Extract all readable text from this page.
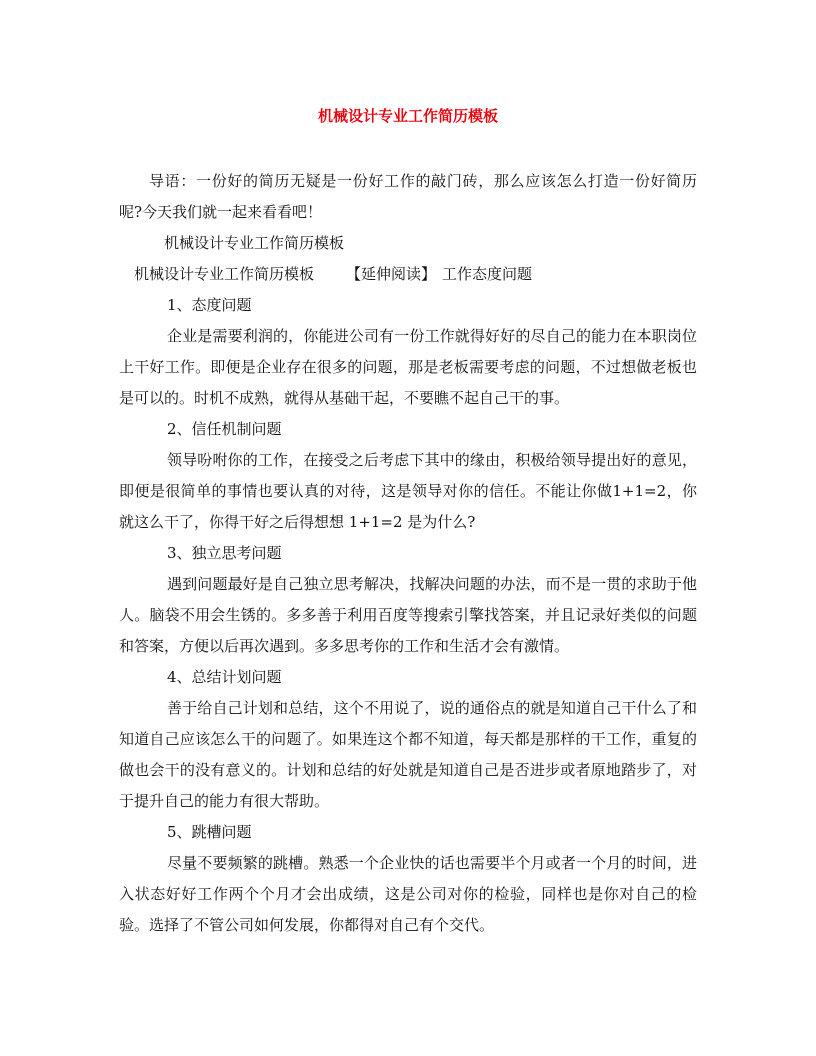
机械设计专业工作简历模板

导语：一份好的简历无疑是一份好工作的敲门砖，那么应该怎么打造一份好简历呢?今天我们就一起来看看吧！

机械设计专业工作简历模板

机械设计专业工作简历模板 【延伸阅读】 工作态度问题

1、态度问题

企业是需要利润的，你能进公司有一份工作就得好好的尽自己的能力在本职岗位上干好工作。即便是企业存在很多的问题，那是老板需要考虑的问题，不过想做老板也是可以的。时机不成熟，就得从基础干起，不要瞧不起自己干的事。

2、信任机制问题

领导吩咐你的工作，在接受之后考虑下其中的缘由，积极给领导提出好的意见，即便是很简单的事情也要认真的对待，这是领导对你的信任。不能让你做1+1=2，你就这么干了，你得干好之后得想想 1+1=2 是为什么?

3、独立思考问题

遇到问题最好是自己独立思考解决，找解决问题的办法，而不是一贯的求助于他人。脑袋不用会生锈的。多多善于利用百度等搜索引擎找答案，并且记录好类似的问题和答案，方便以后再次遇到。多多思考你的工作和生活才会有激情。

4、总结计划问题

善于给自己计划和总结，这个不用说了，说的通俗点的就是知道自己干什么了和知道自己应该怎么干的问题了。如果连这个都不知道，每天都是那样的干工作，重复的做也会干的没有意义的。计划和总结的好处就是知道自己是否进步或者原地踏步了，对于提升自己的能力有很大帮助。

5、跳槽问题

尽量不要频繁的跳槽。熟悉一个企业快的话也需要半个月或者一个月的时间，进入状态好好工作两个个月才会出成绩，这是公司对你的检验，同样也是你对自己的检验。选择了不管公司如何发展，你都得对自己有个交代。
